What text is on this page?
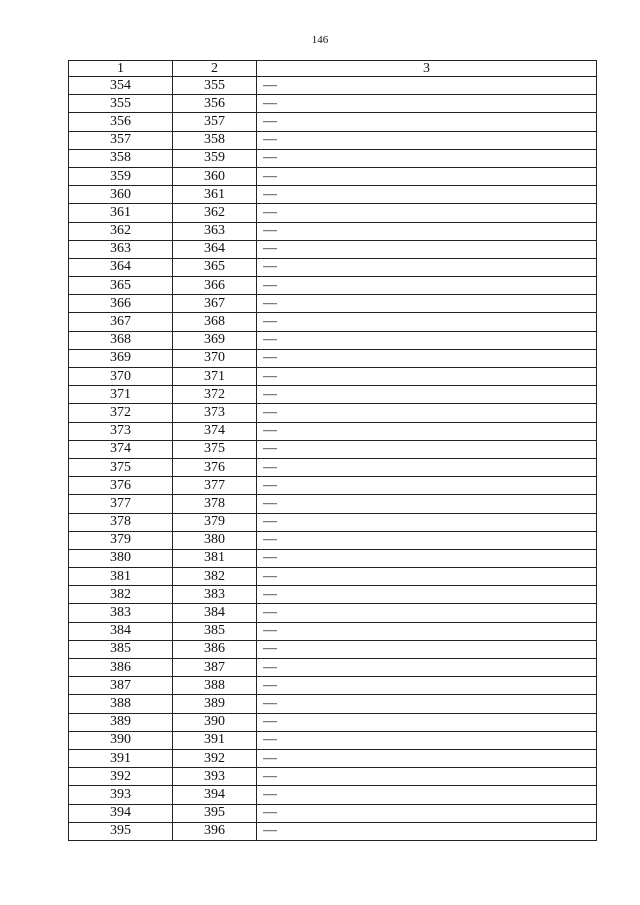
146
1	2	3
354	355	—
355	356	—
356	357	—
357	358	—
358	359	—
359	360	—
360	361	—
361	362	—
362	363	—
363	364	—
364	365	—
365	366	—
366	367	—
367	368	—
368	369	—
369	370	—
370	371	—
371	372	—
372	373	—
373	374	—
374	375	—
375	376	—
376	377	—
377	378	—
378	379	—
379	380	—
380	381	—
381	382	—
382	383	—
383	384	—
384	385	—
385	386	—
386	387	—
387	388	—
388	389	—
389	390	—
390	391	—
391	392	—
392	393	—
393	394	—
394	395	—
395	396	—
